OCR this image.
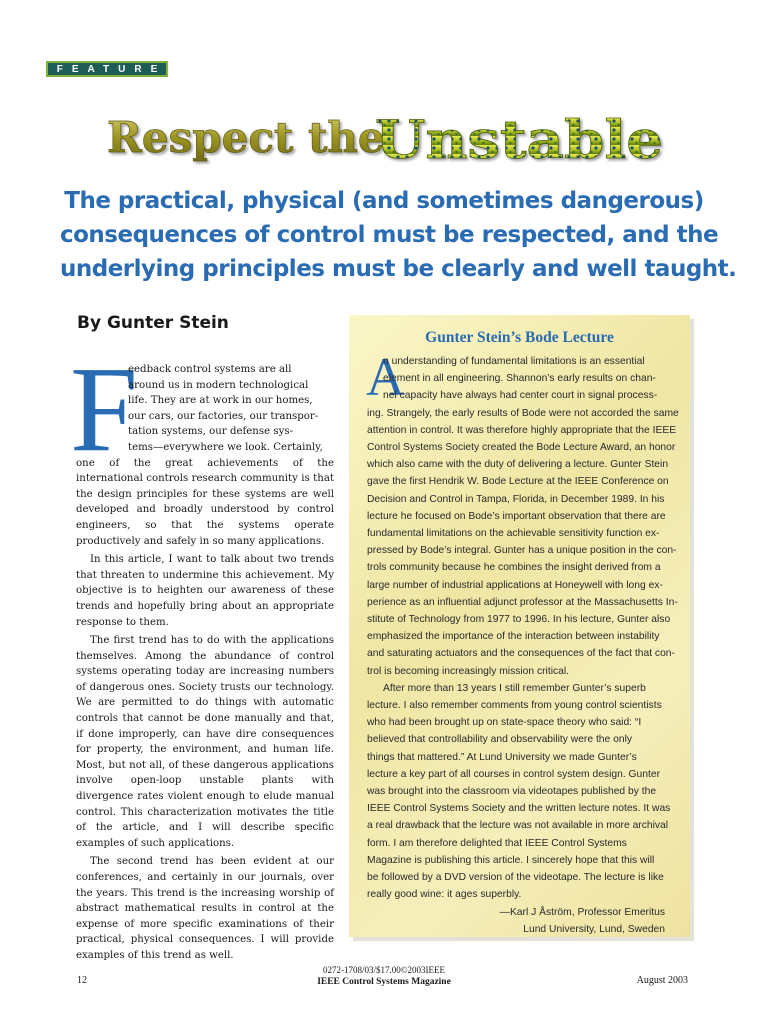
FEATURE
Respect the
Unstable
The practical, physical (and sometimes dangerous)
consequences of control must be respected, and the
underlying principles must be clearly and well taught.
By Gunter Stein
F
eedback control systems are all
around us in modern technological
life. They are at work in our homes,
our cars, our factories, our transpor-
tation systems, our defense sys-
tems—everywhere we look. Certainly,

one of the great achievements of the international controls research community is that the design principles for these systems are well developed and broadly understood by control engineers, so that the systems operate productively and safely in so many applications.

In this article, I want to talk about two trends that threaten to undermine this achievement. My objective is to heighten our awareness of these trends and hopefully bring about an appropriate response to them.

The first trend has to do with the applications themselves. Among the abundance of control systems operating today are increasing numbers of dangerous ones. Society trusts our technology. We are permitted to do things with automatic controls that cannot be done manually and that, if done improperly, can have dire consequences for property, the environment, and human life. Most, but not all, of these dangerous applications involve open-loop unstable plants with divergence rates violent enough to elude manual control. This characterization motivates the title of the article, and I will describe specific examples of such applications.

The second trend has been evident at our conferences, and certainly in our journals, over the years. This trend is the increasing worship of abstract mathematical results in control at the expense of more specific examinations of their practical, physical consequences. I will provide examples of this trend as well.

Gunter Stein’s Bode Lecture
A
n understanding of fundamental limitations is an essential
element in all engineering. Shannon’s early results on chan-
nel capacity have always had center court in signal process-
ing. Strangely, the early results of Bode were not accorded the same
attention in control. It was therefore highly appropriate that the IEEE
Control Systems Society created the Bode Lecture Award, an honor
which also came with the duty of delivering a lecture. Gunter Stein
gave the first Hendrik W. Bode Lecture at the IEEE Conference on
Decision and Control in Tampa, Florida, in December 1989. In his
lecture he focused on Bode’s important observation that there are
fundamental limitations on the achievable sensitivity function ex-
pressed by Bode’s integral. Gunter has a unique position in the con-
trols community because he combines the insight derived from a
large number of industrial applications at Honeywell with long ex-
perience as an influential adjunct professor at the Massachusetts In-
stitute of Technology from 1977 to 1996. In his lecture, Gunter also
emphasized the importance of the interaction between instability
and saturating actuators and the consequences of the fact that con-
trol is becoming increasingly mission critical.
After more than 13 years I still remember Gunter’s superb
lecture. I also remember comments from young control scientists
who had been brought up on state-space theory who said: “I
believed that controllability and observability were the only
things that mattered.” At Lund University we made Gunter’s
lecture a key part of all courses in control system design. Gunter
was brought into the classroom via videotapes published by the
IEEE Control Systems Society and the written lecture notes. It was
a real drawback that the lecture was not available in more archival
form. I am therefore delighted that IEEE Control Systems
Magazine is publishing this article. I sincerely hope that this will
be followed by a DVD version of the videotape. The lecture is like
really good wine: it ages superbly.
—Karl J Åström, Professor Emeritus
Lund University, Lund, Sweden
12
0272-1708/03/$17.00©2003IEEE
IEEE Control Systems Magazine	August 2003
